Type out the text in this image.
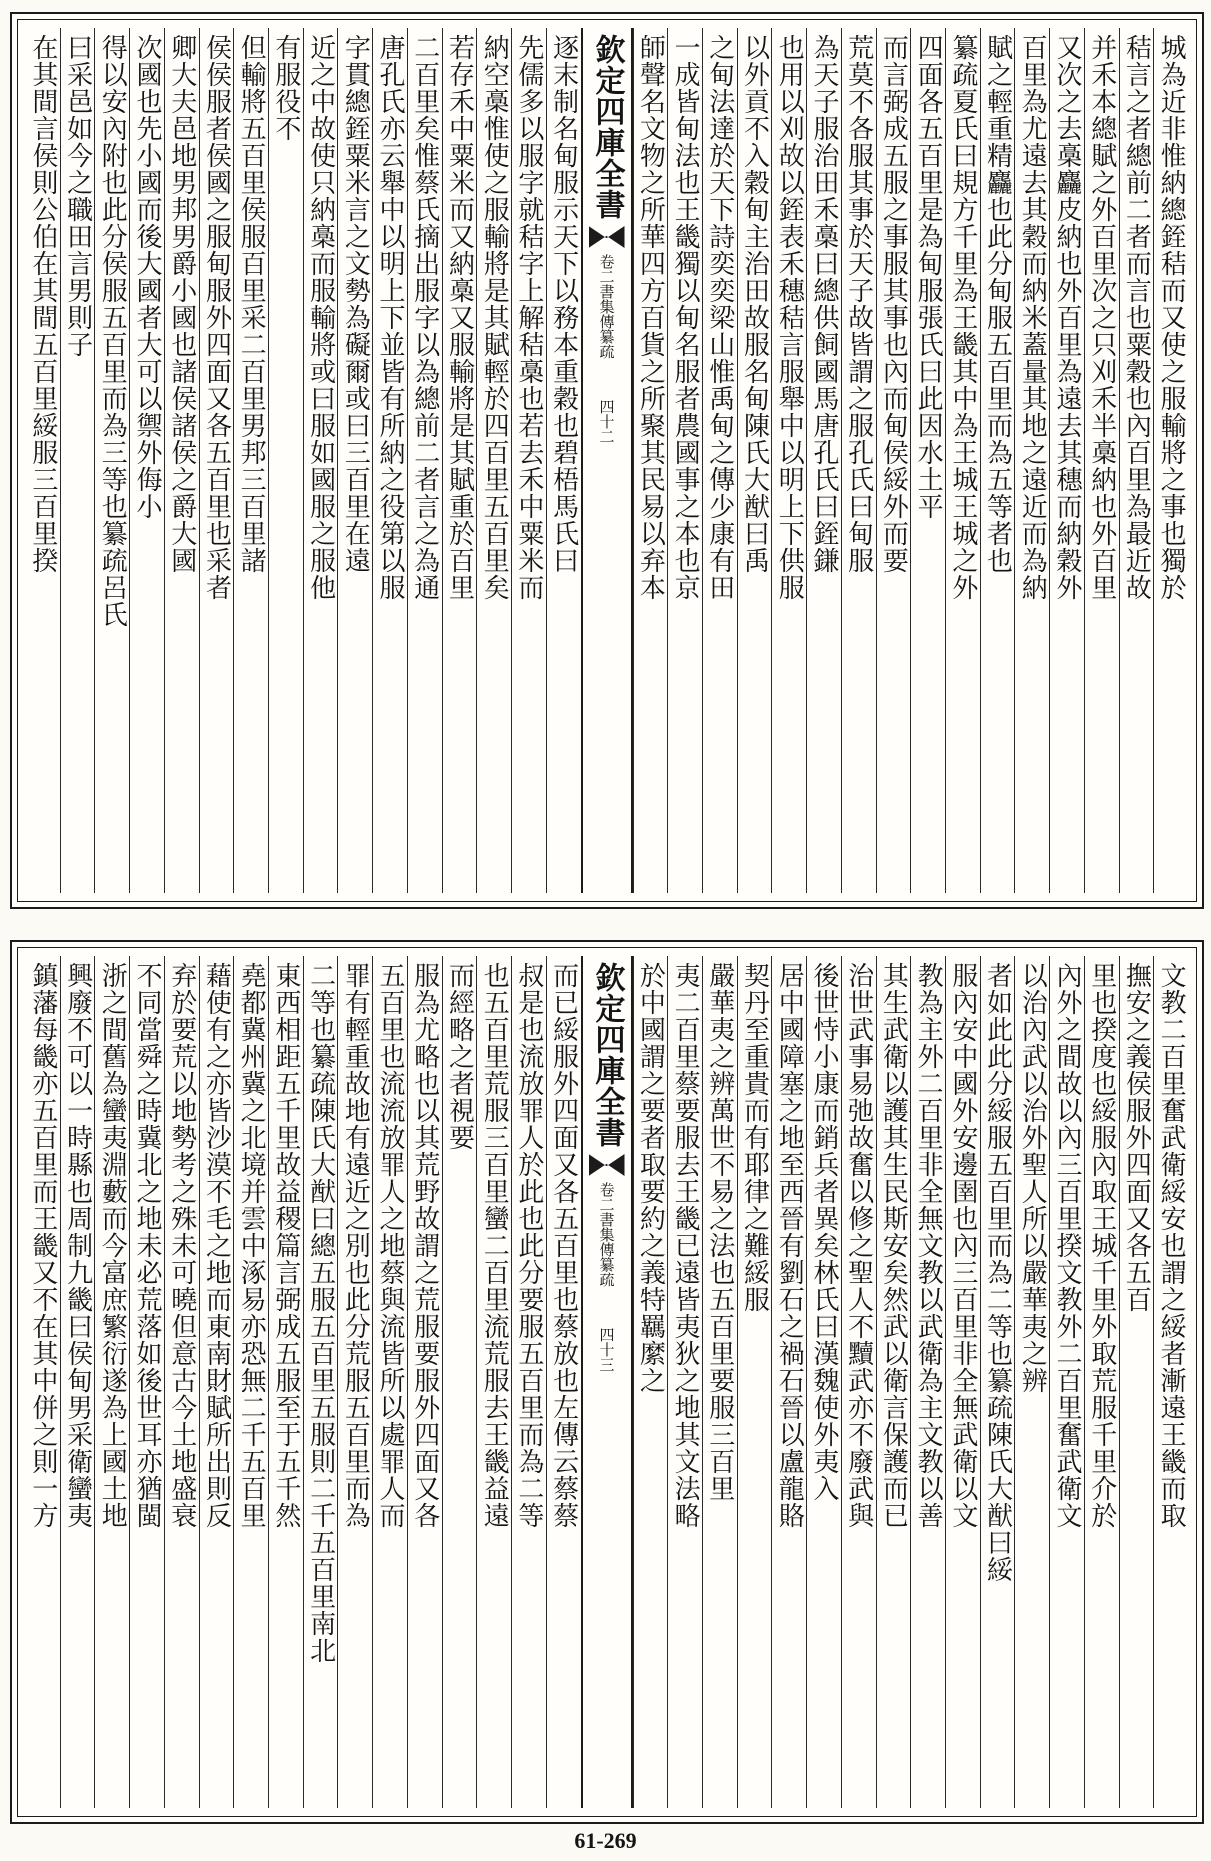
城為近非惟納總銍秸而又使之服輸將之事也獨於
秸言之者總前二者而言也粟穀也內百里為最近故
并禾本總賦之外百里次之只刈禾半槀納也外百里
又次之去槀麤皮納也外百里為遠去其穗而納穀外
百里為尤遠去其穀而納米蓋量其地之遠近而為納
賦之輕重精麤也此分甸服五百里而為五等者也
纂疏夏氏曰規方千里為王畿其中為王城王城之外
四面各五百里是為甸服張氏曰此因水土平
而言弼成五服之事服其事也內而甸侯綏外而要
荒莫不各服其事於天子故皆謂之服孔氏曰甸服
為天子服治田禾槀曰總供飼國馬唐孔氏曰銍鎌
也用以刈故以銍表禾穗秸言服舉中以明上下供服
以外貢不入穀甸主治田故服名甸陳氏大猷曰禹
之甸法達於天下詩奕奕梁山惟禹甸之傳少康有田
一成皆甸法也王畿獨以甸名服者農國事之本也京
師聲名文物之所華四方百貨之所聚其民易以弃本
欽定四庫全書
卷二
書集傳纂疏
四十二
逐末制名甸服示天下以務本重穀也碧梧馬氏曰
先儒多以服字就秸字上解秸槀也若去禾中粟米而
納空槀惟使之服輸將是其賦輕於四百里五百里矣
若存禾中粟米而又納槀又服輸將是其賦重於百里
二百里矣惟蔡氏摘出服字以為總前二者言之為通
唐孔氏亦云舉中以明上下並皆有所納之役第以服
字貫總銍粟米言之文勢為礙爾或曰三百里在遠
近之中故使只納槀而服輸將或曰服如國服之服他
有服役不
但輸將五百里侯服百里采二百里男邦三百里諸
侯侯服者侯國之服甸服外四面又各五百里也采者
卿大夫邑地男邦男爵小國也諸侯諸侯之爵大國
次國也先小國而後大國者大可以禦外侮小
得以安內附也此分侯服五百里而為三等也纂疏呂氏
曰采邑如今之職田言男則子
在其間言侯則公伯在其間五百里綏服三百里揆
文教二百里奮武衛綏安也謂之綏者漸遠王畿而取
撫安之義侯服外四面又各五百
里也揆度也綏服內取王城千里外取荒服千里介於
內外之間故以內三百里揆文教外二百里奮武衛文
以治內武以治外聖人所以嚴華夷之辨
者如此此分綏服五百里而為二等也纂疏陳氏大猷曰綏
服內安中國外安邊圉也內三百里非全無武衛以文
教為主外二百里非全無文教以武衛為主文教以善
其生武衛以護其生民斯安矣然武以衛言保護而已
治世武事易弛故奮以修之聖人不黷武亦不廢武與
後世恃小康而銷兵者異矣林氏曰漢魏使外夷入
居中國障塞之地至西晉有劉石之禍石晉以盧龍賂
契丹至重貴而有耶律之難綏服
嚴華夷之辨萬世不易之法也五百里要服三百里
夷二百里蔡要服去王畿已遠皆夷狄之地其文法略
於中國謂之要者取要約之義特羈縻之
欽定四庫全書
卷二
書集傳纂疏
四十三
而已綏服外四面又各五百里也蔡放也左傳云蔡蔡
叔是也流放罪人於此也此分要服五百里而為二等
也五百里荒服三百里蠻二百里流荒服去王畿益遠
而經略之者視要
服為尤略也以其荒野故謂之荒服要服外四面又各
五百里也流流放罪人之地蔡與流皆所以處罪人而
罪有輕重故地有遠近之別也此分荒服五百里而為
二等也纂疏陳氏大猷曰總五服五百里五服則二千五百里南北
東西相距五千里故益稷篇言弼成五服至于五千然
堯都冀州冀之北境并雲中涿易亦恐無二千五百里
藉使有之亦皆沙漠不毛之地而東南財賦所出則反
弃於要荒以地勢考之殊未可曉但意古今土地盛衰
不同當舜之時冀北之地未必荒落如後世耳亦猶閩
浙之間舊為蠻夷淵藪而今富庶繁衍遂為上國土地
興廢不可以一時縣也周制九畿曰侯甸男采衛蠻夷
鎮藩每畿亦五百里而王畿又不在其中併之則一方
61-269
